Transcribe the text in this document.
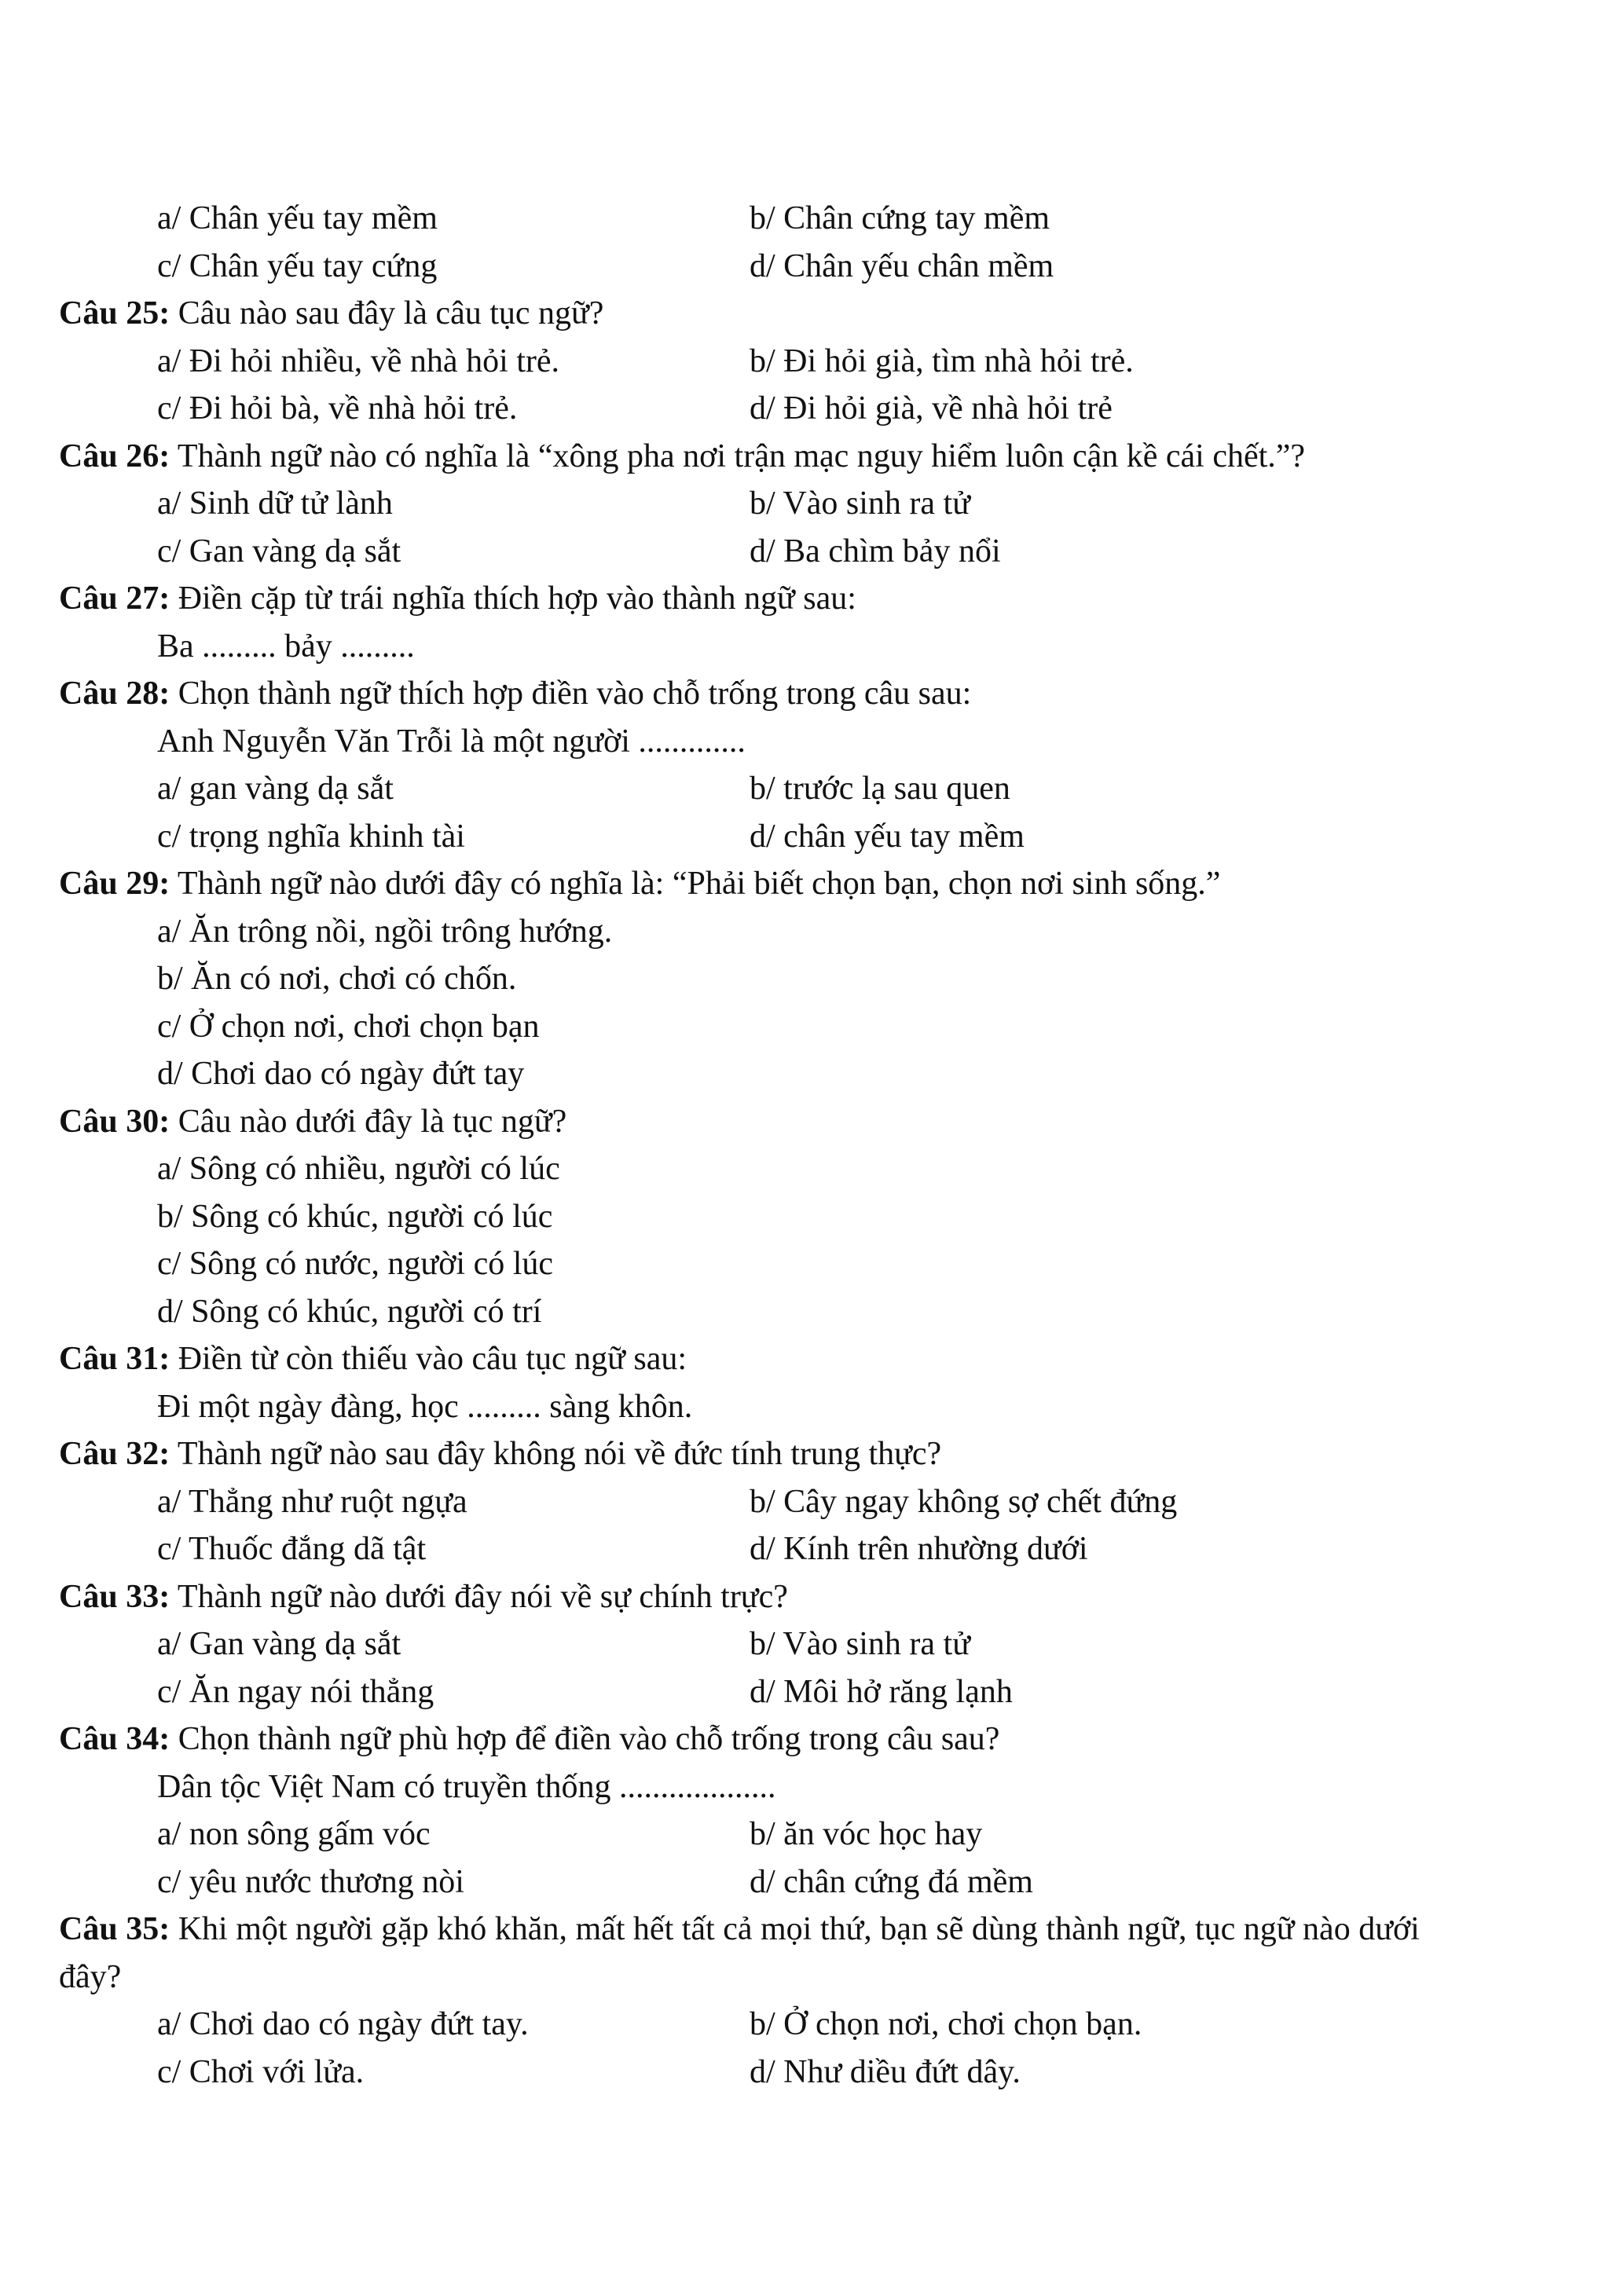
a/ Chân yếu tay mềm	b/ Chân cứng tay mềm
c/ Chân yếu tay cứng	d/ Chân yếu chân mềm
Câu 25: Câu nào sau đây là câu tục ngữ?
a/ Đi hỏi nhiều, về nhà hỏi trẻ.	b/ Đi hỏi già, tìm nhà hỏi trẻ.
c/ Đi hỏi bà, về nhà hỏi trẻ.	d/ Đi hỏi già, về nhà hỏi trẻ
Câu 26: Thành ngữ nào có nghĩa là “xông pha nơi trận mạc nguy hiểm luôn cận kề cái chết.”?
a/ Sinh dữ tử lành	b/ Vào sinh ra tử
c/ Gan vàng dạ sắt	d/ Ba chìm bảy nổi
Câu 27: Điền cặp từ trái nghĩa thích hợp vào thành ngữ sau:
Ba ......... bảy .........
Câu 28: Chọn thành ngữ thích hợp điền vào chỗ trống trong câu sau:
Anh Nguyễn Văn Trỗi là một người .............
a/ gan vàng dạ sắt	b/ trước lạ sau quen
c/ trọng nghĩa khinh tài	d/ chân yếu tay mềm
Câu 29: Thành ngữ nào dưới đây có nghĩa là: “Phải biết chọn bạn, chọn nơi sinh sống.”
a/ Ăn trông nồi, ngồi trông hướng.
b/ Ăn có nơi, chơi có chốn.
c/ Ở chọn nơi, chơi chọn bạn
d/ Chơi dao có ngày đứt tay
Câu 30: Câu nào dưới đây là tục ngữ?
a/ Sông có nhiều, người có lúc
b/ Sông có khúc, người có lúc
c/ Sông có nước, người có lúc
d/ Sông có khúc, người có trí
Câu 31: Điền từ còn thiếu vào câu tục ngữ sau:
Đi một ngày đàng, học ......... sàng khôn.
Câu 32: Thành ngữ nào sau đây không nói về đức tính trung thực?
a/ Thẳng như ruột ngựa	b/ Cây ngay không sợ chết đứng
c/ Thuốc đắng dã tật	d/ Kính trên nhường dưới
Câu 33: Thành ngữ nào dưới đây nói về sự chính trực?
a/ Gan vàng dạ sắt	b/ Vào sinh ra tử
c/ Ăn ngay nói thẳng	d/ Môi hở răng lạnh
Câu 34: Chọn thành ngữ phù hợp để điền vào chỗ trống trong câu sau?
Dân tộc Việt Nam có truyền thống ...................
a/ non sông gấm vóc	b/ ăn vóc học hay
c/ yêu nước thương nòi	d/ chân cứng đá mềm
Câu 35: Khi một người gặp khó khăn, mất hết tất cả mọi thứ, bạn sẽ dùng thành ngữ, tục ngữ nào dưới
đây?
a/ Chơi dao có ngày đứt tay.	b/ Ở chọn nơi, chơi chọn bạn.
c/ Chơi với lửa.	d/ Như diều đứt dây.
